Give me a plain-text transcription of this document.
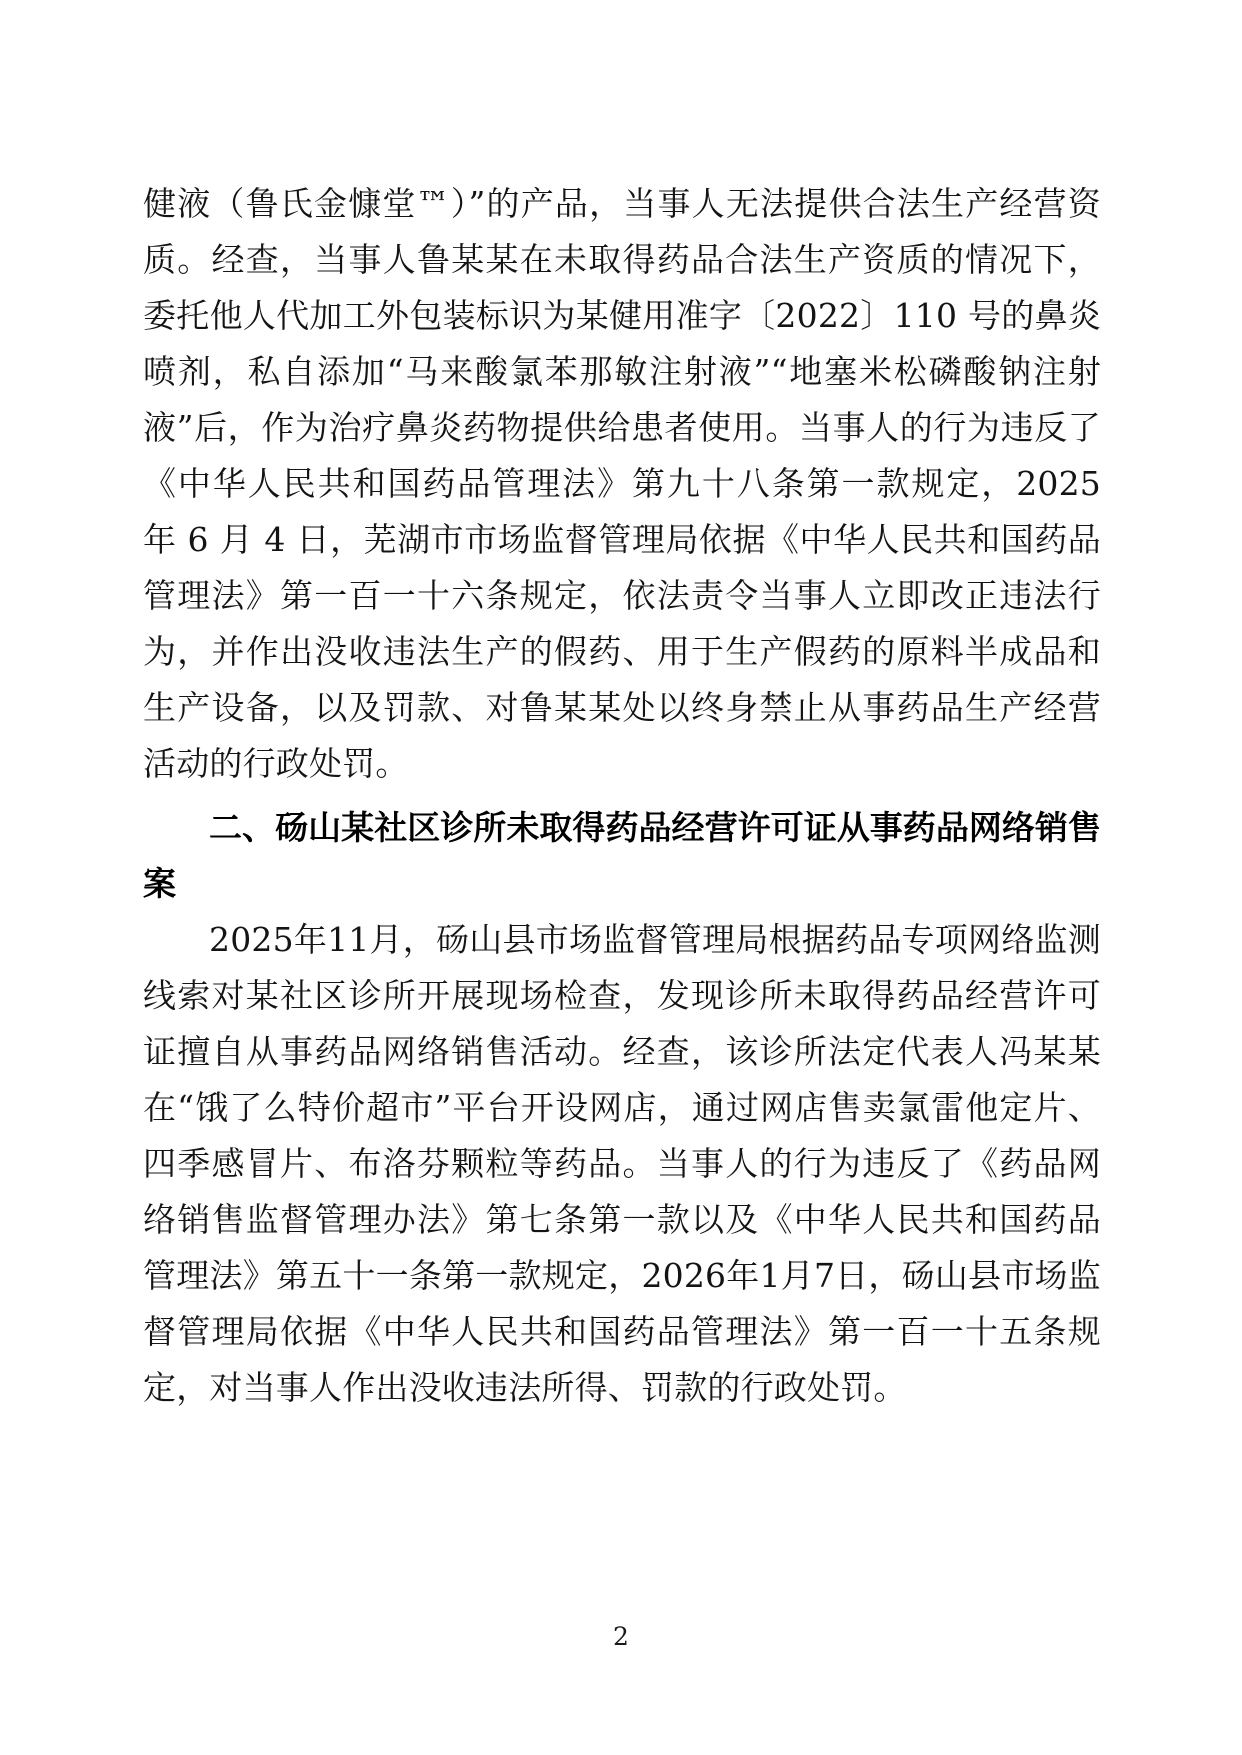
健液（鲁氏金慷堂™）”的产品，当事人无法提供合法生产经营资质。经查，当事人鲁某某在未取得药品合法生产资质的情况下，委托他人代加工外包装标识为某健用准字〔2022〕110 号的鼻炎喷剂，私自添加“马来酸氯苯那敏注射液”“地塞米松磷酸钠注射液”后，作为治疗鼻炎药物提供给患者使用。当事人的行为违反了《中华人民共和国药品管理法》第九十八条第一款规定，2025 年 6 月 4 日，芜湖市市场监督管理局依据《中华人民共和国药品管理法》第一百一十六条规定，依法责令当事人立即改正违法行为，并作出没收违法生产的假药、用于生产假药的原料半成品和生产设备，以及罚款、对鲁某某处以终身禁止从事药品生产经营活动的行政处罚。

二、砀山某社区诊所未取得药品经营许可证从事药品网络销售案

2025年11月，砀山县市场监督管理局根据药品专项网络监测线索对某社区诊所开展现场检查，发现诊所未取得药品经营许可证擅自从事药品网络销售活动。经查，该诊所法定代表人冯某某在“饿了么特价超市”平台开设网店，通过网店售卖氯雷他定片、四季感冒片、布洛芬颗粒等药品。当事人的行为违反了《药品网络销售监督管理办法》第七条第一款以及《中华人民共和国药品管理法》第五十一条第一款规定，2026年1月7日，砀山县市场监督管理局依据《中华人民共和国药品管理法》第一百一十五条规定，对当事人作出没收违法所得、罚款的行政处罚。

2
